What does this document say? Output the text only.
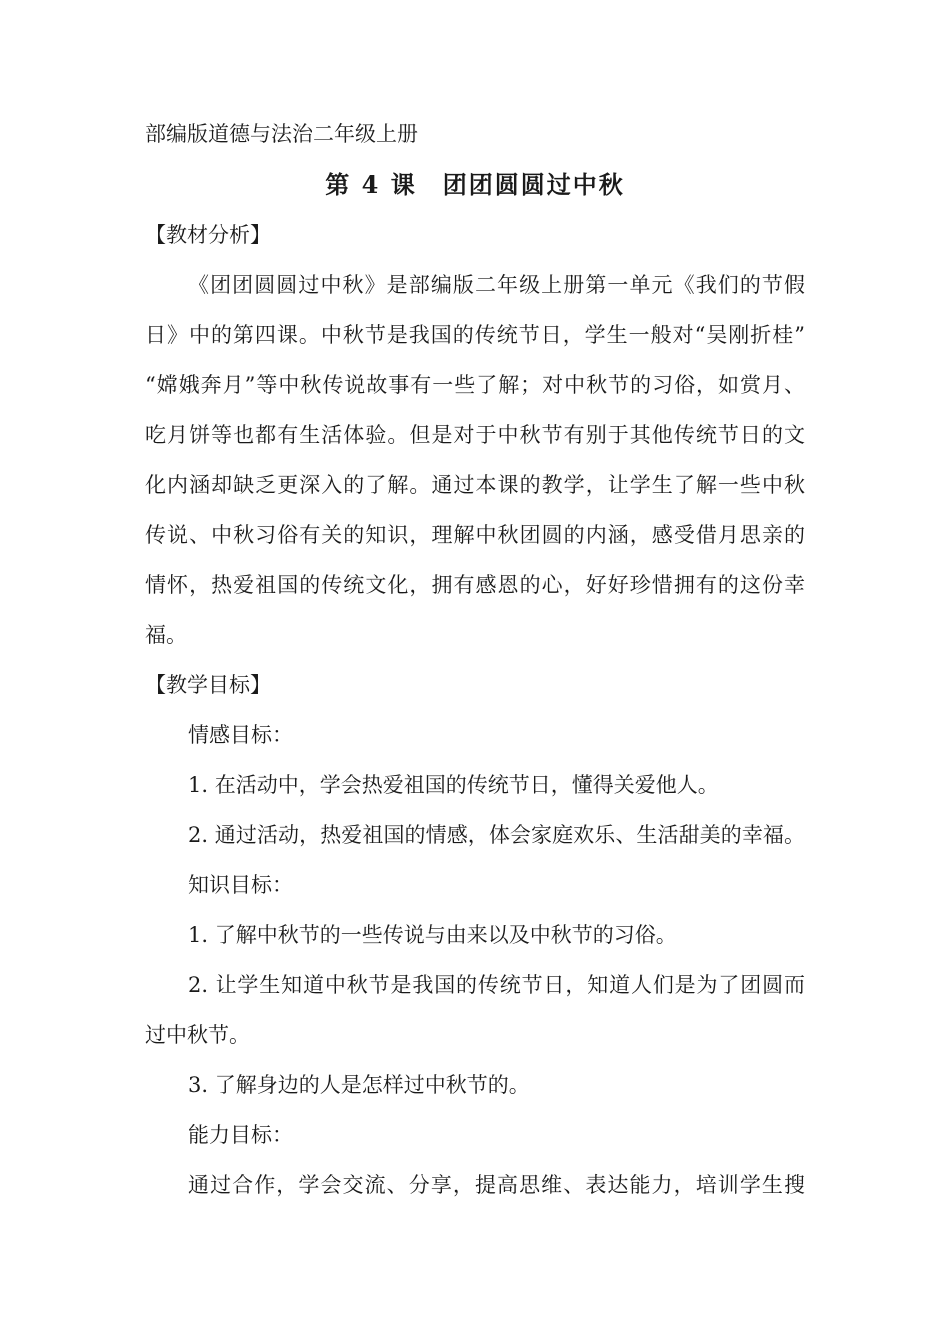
部编版道德与法治二年级上册
第 4 课　团团圆圆过中秋
【教材分析】
《团团圆圆过中秋》是部编版二年级上册第一单元《我们的节假
日》中的第四课。中秋节是我国的传统节日，学生一般对“吴刚折桂”
“嫦娥奔月”等中秋传说故事有一些了解；对中秋节的习俗，如赏月、
吃月饼等也都有生活体验。但是对于中秋节有别于其他传统节日的文
化内涵却缺乏更深入的了解。通过本课的教学，让学生了解一些中秋
传说、中秋习俗有关的知识，理解中秋团圆的内涵，感受借月思亲的
情怀，热爱祖国的传统文化，拥有感恩的心，好好珍惜拥有的这份幸
福。
【教学目标】
情感目标：
1. 在活动中，学会热爱祖国的传统节日，懂得关爱他人。
2. 通过活动，热爱祖国的情感，体会家庭欢乐、生活甜美的幸福。
知识目标：
1. 了解中秋节的一些传说与由来以及中秋节的习俗。
2. 让学生知道中秋节是我国的传统节日，知道人们是为了团圆而
过中秋节。
3. 了解身边的人是怎样过中秋节的。
能力目标：
通过合作，学会交流、分享，提高思维、表达能力，培训学生搜
